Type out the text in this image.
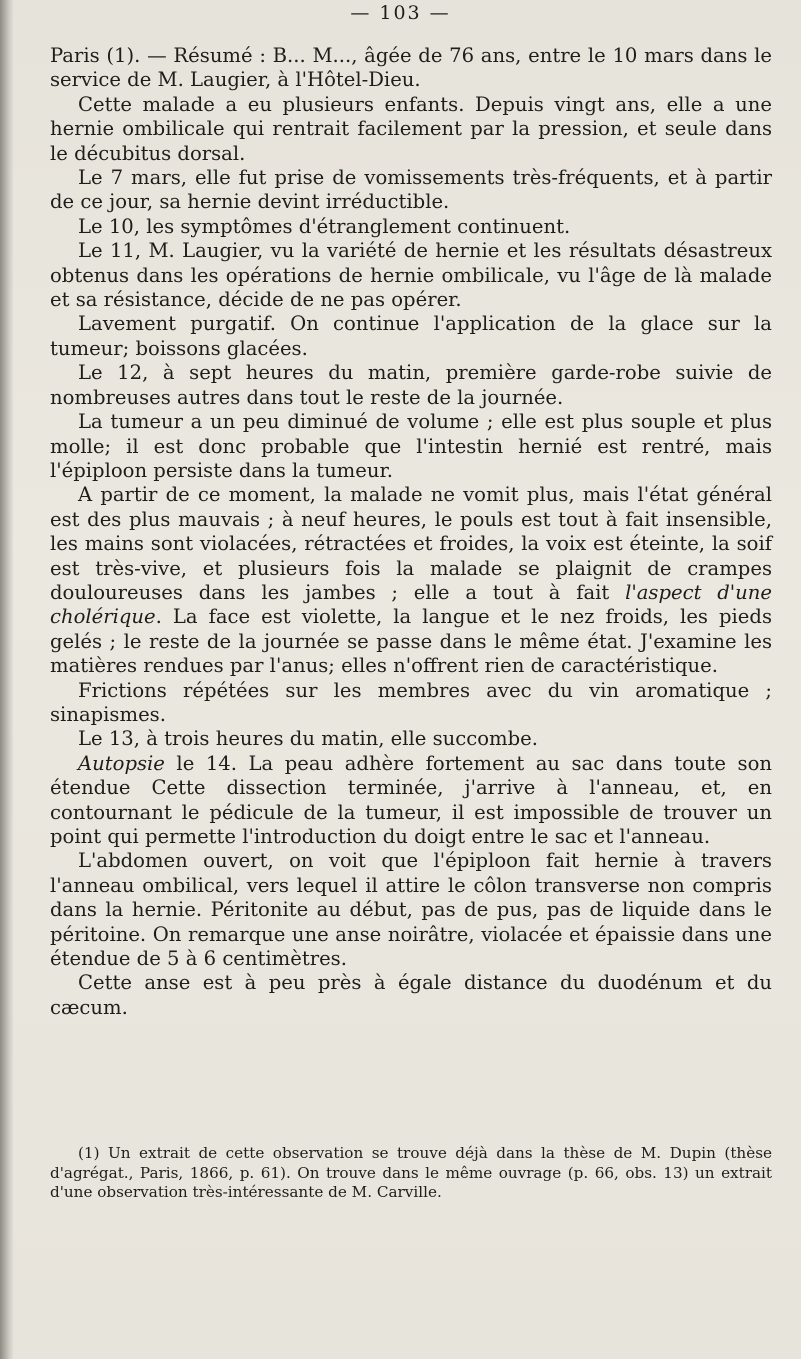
— 103 —

Paris (1). — Résumé : B... M..., âgée de 76 ans, entre le 10 mars dans le service de M. Laugier, à l'Hôtel-Dieu.

Cette malade a eu plusieurs enfants. Depuis vingt ans, elle a une hernie ombilicale qui rentrait facilement par la pression, et seule dans le décubitus dorsal.

Le 7 mars, elle fut prise de vomissements très-fréquents, et à partir de ce jour, sa hernie devint irréductible.

Le 10, les symptômes d'étranglement continuent.

Le 11, M. Laugier, vu la variété de hernie et les résultats désastreux obtenus dans les opérations de hernie ombilicale, vu l'âge de là malade et sa résistance, décide de ne pas opérer.

Lavement purgatif. On continue l'application de la glace sur la tumeur; boissons glacées.

Le 12, à sept heures du matin, première garde-robe suivie de nombreuses autres dans tout le reste de la journée.

La tumeur a un peu diminué de volume ; elle est plus souple et plus molle; il est donc probable que l'intestin hernié est rentré, mais l'épiploon persiste dans la tumeur.

A partir de ce moment, la malade ne vomit plus, mais l'état général est des plus mauvais ; à neuf heures, le pouls est tout à fait insensible, les mains sont violacées, rétractées et froides, la voix est éteinte, la soif est très-vive, et plusieurs fois la malade se plaignit de crampes douloureuses dans les jambes ; elle a tout à fait l'aspect d'une cholérique. La face est violette, la langue et le nez froids, les pieds gelés ; le reste de la journée se passe dans le même état. J'examine les matières rendues par l'anus; elles n'offrent rien de caractéristique.

Frictions répétées sur les membres avec du vin aromatique ; sinapismes.

Le 13, à trois heures du matin, elle succombe.

Autopsie le 14. La peau adhère fortement au sac dans toute son étendue Cette dissection terminée, j'arrive à l'anneau, et, en contournant le pédicule de la tumeur, il est impossible de trouver un point qui permette l'introduction du doigt entre le sac et l'anneau.

L'abdomen ouvert, on voit que l'épiploon fait hernie à travers l'anneau ombilical, vers lequel il attire le côlon transverse non compris dans la hernie. Péritonite au début, pas de pus, pas de liquide dans le péritoine. On remarque une anse noirâtre, violacée et épaissie dans une étendue de 5 à 6 centimètres.

Cette anse est à peu près à égale distance du duodénum et du cæcum.

(1) Un extrait de cette observation se trouve déjà dans la thèse de M. Dupin (thèse d'agrégat., Paris, 1866, p. 61). On trouve dans le même ouvrage (p. 66, obs. 13) un extrait d'une observation très-intéressante de M. Carville.
